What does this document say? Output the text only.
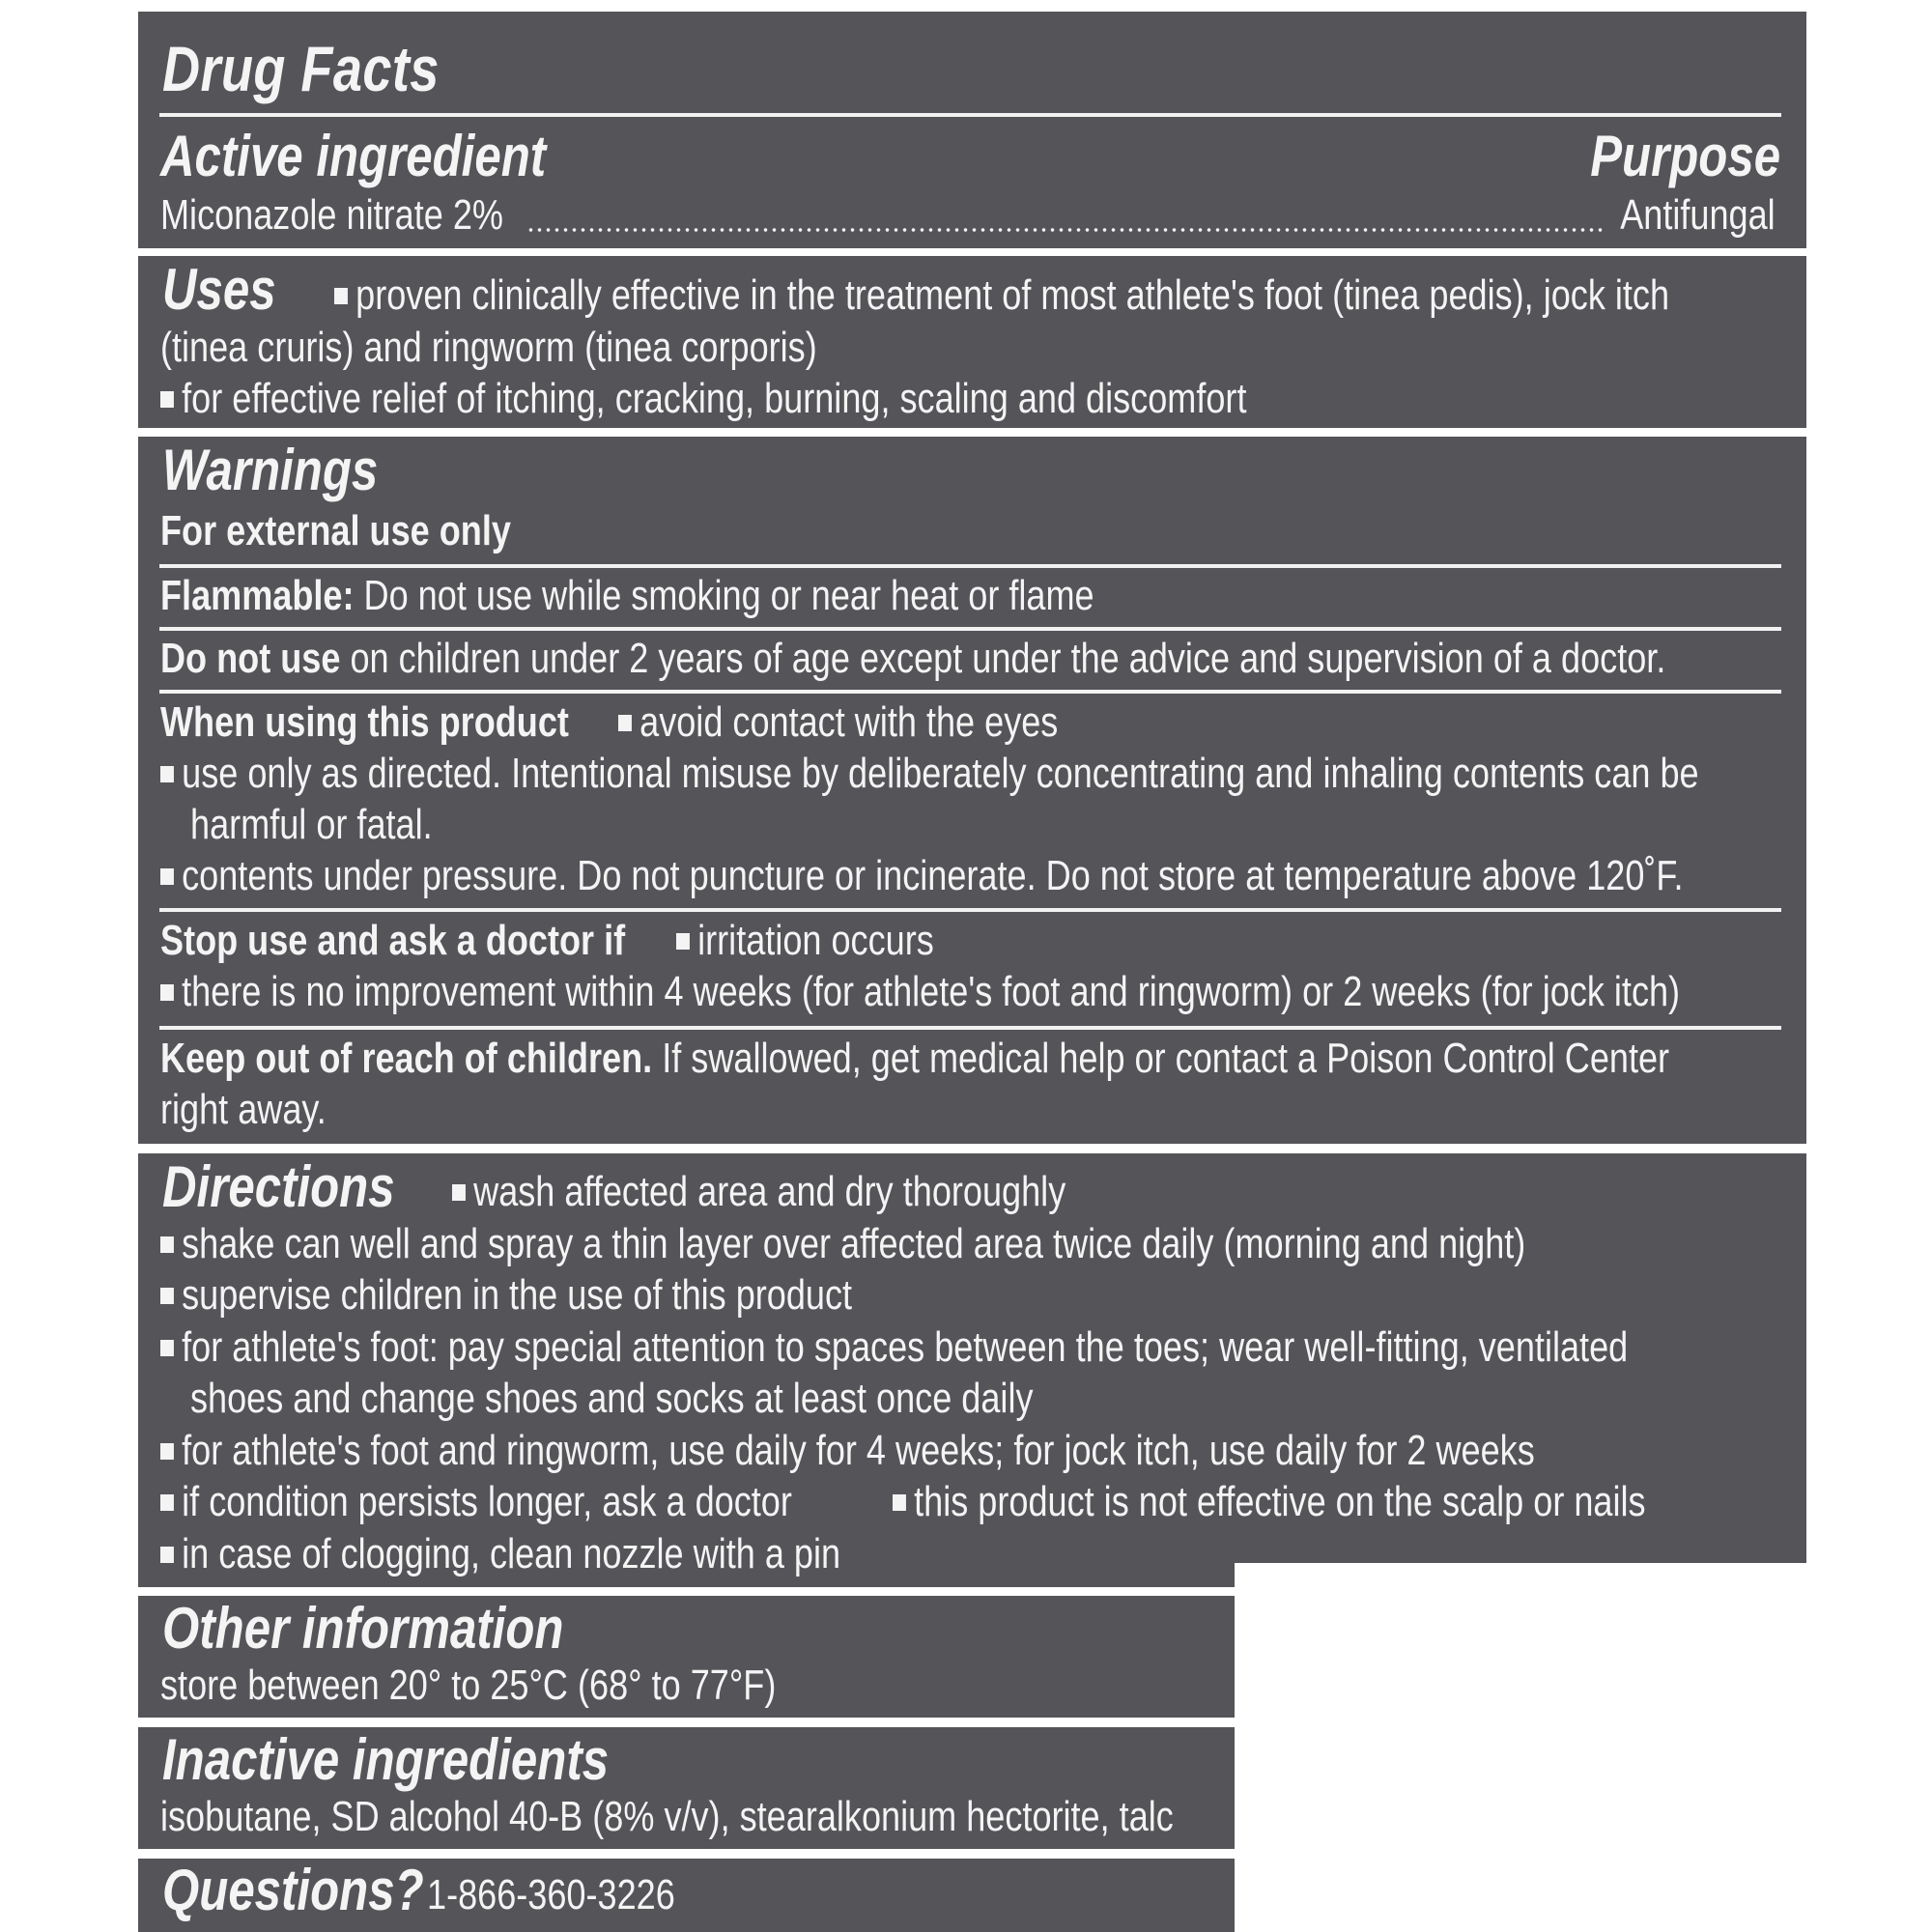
Drug Facts
Active ingredient	Purpose
Miconazole nitrate 2%	Antifungal
Uses	proven clinically effective in the treatment of most athlete's foot (tinea pedis), jock itch
(tinea cruris) and ringworm (tinea corporis)
for effective relief of itching, cracking, burning, scaling and discomfort
Warnings
For external use only
Flammable: Do not use while smoking or near heat or flame
Do not use on children under 2 years of age except under the advice and supervision of a doctor.
When using this product	avoid contact with the eyes
use only as directed. Intentional misuse by deliberately concentrating and inhaling contents can be
harmful or fatal.
contents under pressure. Do not puncture or incinerate. Do not store at temperature above 120˚F.
Stop use and ask a doctor if	irritation occurs
there is no improvement within 4 weeks (for athlete's foot and ringworm) or 2 weeks (for jock itch)
Keep out of reach of children. If swallowed, get medical help or contact a Poison Control Center
right away.
Directions	wash affected area and dry thoroughly
shake can well and spray a thin layer over affected area twice daily (morning and night)
supervise children in the use of this product
for athlete's foot: pay special attention to spaces between the toes; wear well-fitting, ventilated
shoes and change shoes and socks at least once daily
for athlete's foot and ringworm, use daily for 4 weeks; for jock itch, use daily for 2 weeks
if condition persists longer, ask a doctor	this product is not effective on the scalp or nails
in case of clogging, clean nozzle with a pin
Other information
store between 20° to 25°C (68° to 77°F)
Inactive ingredients
isobutane, SD alcohol 40-B (8% v/v), stearalkonium hectorite, talc
Questions? 1-866-360-3226
